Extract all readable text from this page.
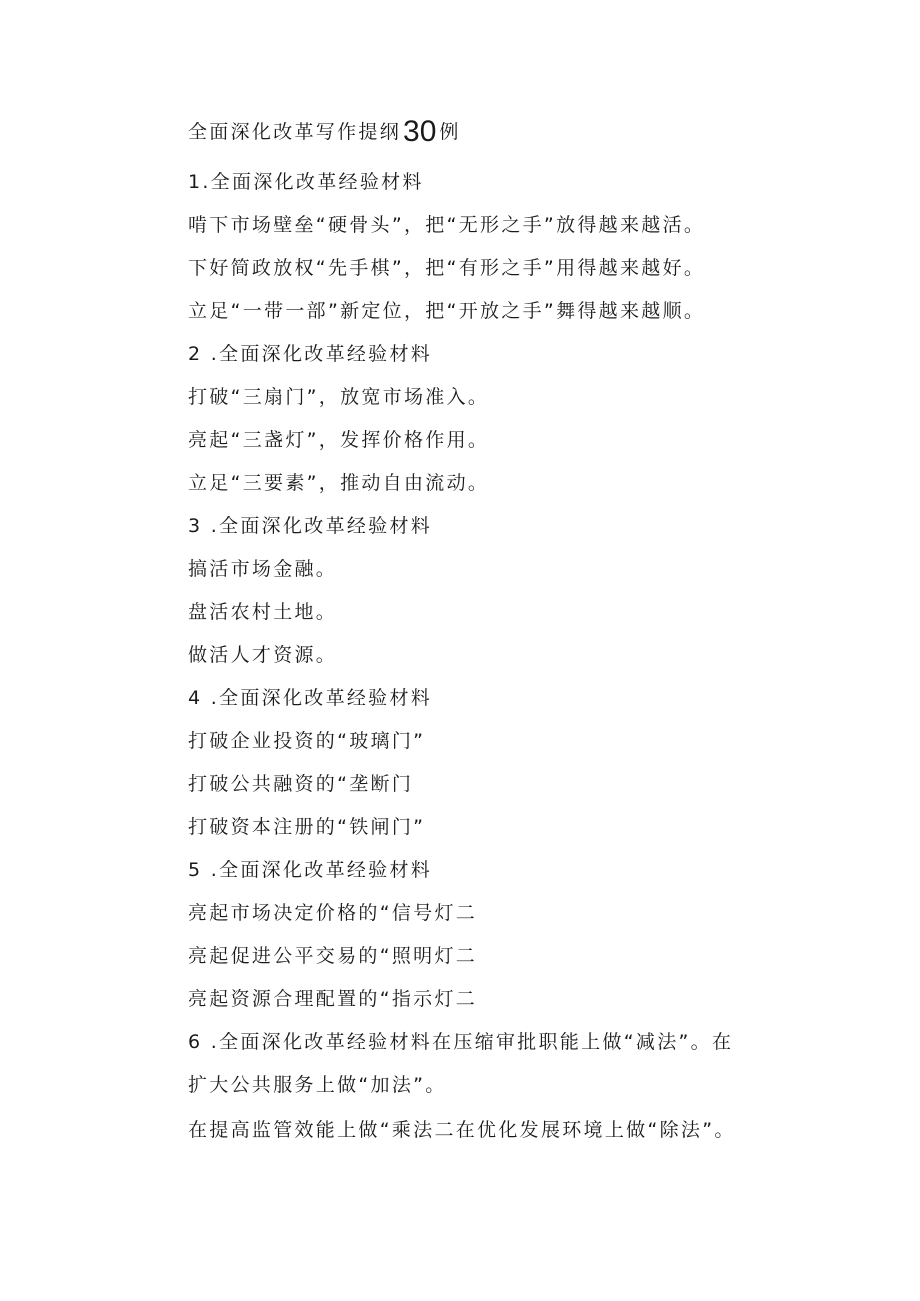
全面深化改革写作提纲30 例
1.全面深化改革经验材料
啃下市场壁垒“硬骨头”，把“无形之手”放得越来越活。
下好简政放权“先手棋”，把“有形之手”用得越来越好。
立足“一带一部”新定位，把“开放之手”舞得越来越顺。
2 .全面深化改革经验材料
打破“三扇门”，放宽市场准入。
亮起“三盏灯”，发挥价格作用。
立足“三要素”，推动自由流动。
3 .全面深化改革经验材料
搞活市场金融。
盘活农村土地。
做活人才资源。
4 .全面深化改革经验材料
打破企业投资的“玻璃门”
打破公共融资的“垄断门
打破资本注册的“铁闸门”
5 .全面深化改革经验材料
亮起市场决定价格的“信号灯二
亮起促进公平交易的“照明灯二
亮起资源合理配置的“指示灯二
6 .全面深化改革经验材料在压缩审批职能上做“减法”。在
扩大公共服务上做“加法”。
在提高监管效能上做“乘法二在优化发展环境上做“除法”。
